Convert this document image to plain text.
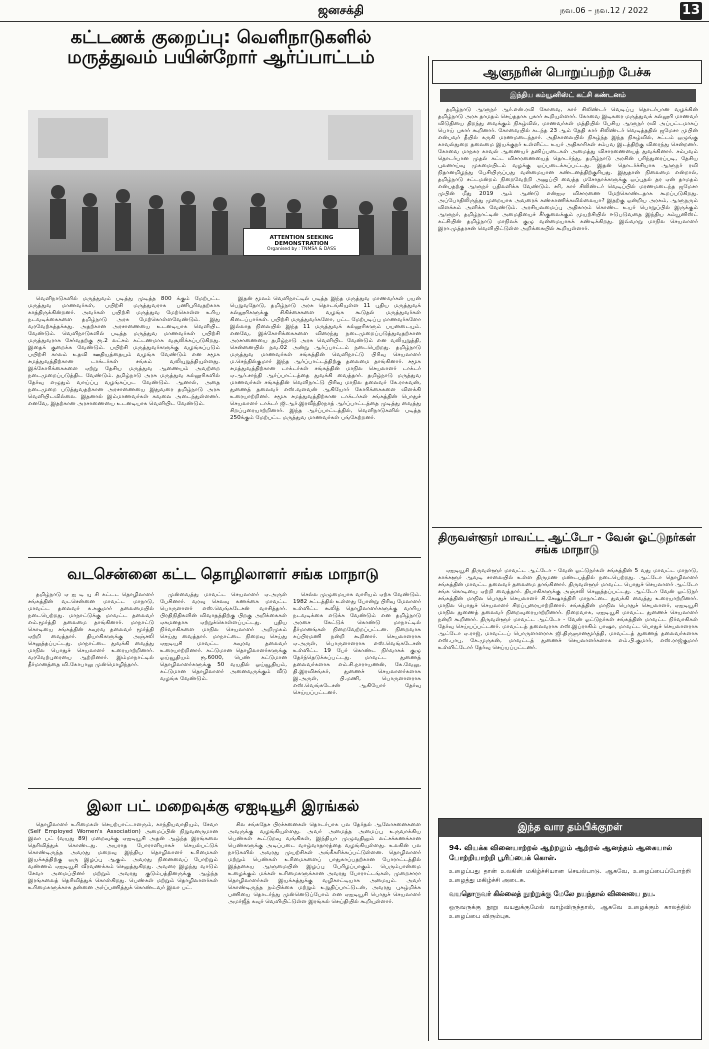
ஜனசக்தி	நவ.06 – நவ.12 / 2022	13
கட்டணக் குறைப்பு: வெளிநாடுகளில்
மருத்துவம் பயின்றோர் ஆர்ப்பாட்டம்
ATTENTION SEEKING DEMONSTRATION
Organised by : TNMSA & DASS

வெளிநாடுகளில் மருத்துவம் படித்து முடித்த 800 க்கும் மேற்பட்ட மருத்துவ மாணவர்கள், பயிற்சி மருத்துவராக பணிபுரிவதற்காக காத்திருக்கின்றனர். அவர்கள் பயிற்சி மருத்துவ மேற்கொள்ள உரிய நடவடிக்கைகளை தமிழ்நாடு அரசு மேற்கொள்ளவேண்டும். இது வரவேற்கத்தக்கது. அதற்கான அரசாணையை உடனடியாக வெளியிட வேண்டும். வெளிநாடுகளில் படித்த மருத்துவ மாணவர்கள் பயிற்சி மருத்துவராக சேர்வதற்கு ரூ.2 லட்சம் கட்டணமாக வசூலிக்கப்படுகிறது. இதைக் குறைக்க வேண்டும். பயிற்சி மருத்துவர்களுக்கு வழங்கப்படும் பயிற்சி காலம் உதவி ஊதியத்தையும் வழங்க வேண்டும் என சமூக சமத்துவத்திற்கான டாக்டர்கள் சங்கம் வலியுறுத்தியுள்ளது. இக்கோரிக்கைகளை ஏற்று தேசிய மருத்துவ ஆணையம் அவற்றை நடைமுறைப்படுத்திட வேண்டும். தமிழ்நாடு அரசு மருத்துவ கல்லூரிகளில் தேர்வு எழுதும் வாய்ப்பு வழங்கப்பட வேண்டும். ஆனால், அதை நடைமுறை படுத்துவதற்கான அரசாணையை இதுவரை தமிழ்நாடு அரசு வெளியிடவில்லை. இதனால் இம்மாணவர்கள் கவலை அடைந்துள்ளனர். எனவே, இதற்கான அரசாணையை உடனடியாக வெளியிட வேண்டும்.

இதன் மூலம் வெளிநாட்டில் படித்த இந்த மருத்துவ மாணவர்கள் பயன் பெறுவதோடு, தமிழ்நாடு அரசு தொடங்கியுள்ள 11 புதிய மருத்துவக் கல்லூரிகளுக்கு சிகிச்சைகளை வழங்க கூடுதல் மருத்துவர்கள் கிடைப்பார்கள். பயிற்சி மருத்துவர்களோ, பட்ட மேற்படிப்பு மாணவர்களோ இல்லாத நிலையில் இந்த 11 மருத்துவக் கல்லூரிகளும் பயனடையும். எனவே, இக்கோரிக்கைகளை விரைந்து நடைமுறைப்படுத்துவதற்கான அரசாணையை தமிழ்நாடு அரசு வெளியிட வேண்டும் என வலியுறுத்தி, சென்னையில் நவ.02 அன்று ஆர்ப்பாட்டம் நடைபெற்றது. தமிழ்நாடு மருத்துவ மாணவர்கள் சங்கத்தின் வெளிநாட்டு பிரிவு செயலாளர் ம.செந்தில்குமார் இந்த ஆர்ப்பாட்டத்திற்கு தலைமை தாங்கினார். சமூக சமத்துவத்திற்கான டாக்டர்கள் சங்கத்தின் மாநில செயலாளர் டாக்டர் ஏ.ஆர்.சாந்தி ஆர்ப்பாட்டத்தை துவக்கி வைத்தார். தமிழ்நாடு மருத்துவ மாணவர்கள் சங்கத்தின் வெளிநாட்டு பிரிவு மாநில தலைவர் கே.ராகவன், துணைத் தலைவர் எஸ்.வளவன் ஆகியோர் கோரிக்கைகளை விளக்கி உரையாற்றினர். சமூக சமத்துவத்திற்கான டாக்டர்கள் சங்கத்தின் பொதுச் செயலாளர் டாக்டர் ஜி.ஆர்.இரவீந்திரநாத் ஆர்ப்பாட்டத்தை முடித்து வைத்து சிறப்புரையாற்றினார். இந்த ஆர்ப்பாட்டத்தில், வெளிநாடுகளில் படித்த 250க்கும் மேற்பட்ட மருத்துவ மாணவர்கள் பங்கேற்றனர்.

வடசென்னை கட்ட தொழிலாளர் சங்க மாநாடு

தமிழ்நாடு ஏ ஐ டி யு சி கட்டட தொழிலாளர் சங்கத்தின் வடசென்னை மாவட்ட மாநாடு, மாவட்ட தலைவர் க.சுகுமார் தலைமையில் நடைபெற்றது. மாநாட்டுக்கு மாவட்ட தலைவர் எம்.மூர்த்தி தலைமை தாங்கினார். மாநாட்டு கொடியை சங்கத்தின் கவுரவ தலைவர் மூர்த்தி ஏற்றி வைத்தார். தியாகிகளுக்கு அஞ்சலி செலுத்தப்பட்டது. மாநாட்டை துவக்கி வைத்து மாநில பொதுச் செயலாளர் உரையாற்றினார். வரவேற்புரையை ஆற்றினார். இம்மாநாட்டில் தீர்மானத்தை வி.கோபாலு முன்மொழிந்தார்.

முன்வைத்து மாவட்ட செயலாளர் ஏ.அருள் பேசினார். வரவு செலவு கணக்கை மாவட்ட பொருளாளர் எஸ்.வெங்கடேசன் வாசித்தார். பிரதிநிதிகளின் விவாதத்திற்கு பிறகு அறிக்கைகள் ஏகமனதாக ஏற்றுக்கொள்ளப்பட்டது. புதிய நிர்வாகிகளை மாநில செயலாளர் அறிமுகம் செய்து வைத்தார். மாநாட்டை நிறைவு செய்து ஏஐடியுசி மாவட்ட கவுரவ தலைவர் உரையாற்றினார். கட்டுமான தொழிலாளர்களுக்கு ஓய்வூதியம் ரூ.6000, பெண் கட்டுமான தொழிலாளர்களுக்கு 50 வயதில் ஓய்வூதியம், கட்டுமான தொழிலாளர் அனைவருக்கும் வீடு வழங்க வேண்டும்.

செல்ல முழுமையாக வாரியம் ஏற்க வேண்டும். 1982 சட்டத்தில் உள்ளது போன்று பிரிவு மேலாளர் உள்ளிட்ட கூலித் தொழிலாளர்களுக்கு வாரிய நடவடிக்கை எடுக்க வேண்டும் என தமிழ்நாடு அரசை கேட்டுக் கொண்டு மாநாட்டில் தீர்மானங்கள் நிறைவேற்றப்பட்டன. நிறைவாக சுப்பிரமணி நன்றி கூறினார். செயலாளராக ஏ.அருள், பொருளாளராக எஸ்.வெங்கடேசன் உள்ளிட்ட 19 பேர் கொண்ட நிர்வாகக் குழு தேர்ந்தெடுக்கப்பட்டது. மாவட்ட துணைத் தலைவர்களாக எம்.சி.நாராயணன், கே.வேலு, தி.இரவிசங்கர், துணைச் செயலாளர்களாக இ.அருள், பி.மணி, பொருளாளராக எஸ்.வெங்கடேசன் ஆகியோர் தேர்வு செய்யப்பட்டனர்.

இலா பட் மறைவுக்கு ஏஐடியூசி இரங்கல்

தொழிலாளர் உரிமைகள் செயற்பாட்டாளரும், காந்தியவாதியும், சேவா (Self Employed Women's Association) அமைப்பின் நிறுவனருமான இலா பட் (வயது 89) மறைவுக்கு ஏஐடியூசி அதன் ஆழ்ந்த இரங்கலை தெரிவித்துக் கொண்டது. அயராத போராளியாகச் செயல்பட்டுக் கொண்டிருந்த அவரது மறைவு இந்திய தொழிலாளர் உரிமைகள் இயக்கத்திற்கு ஒரு இழப்பு ஆகும். அவரது நினைவைப் போற்றும் வண்ணம் ஏஐடியூசி வீரவணக்கம் செலுத்துகிறது. அவரை இழந்து வாடும் சேவா அமைப்பினர் மற்றும் அவரது குடும்பத்தினருக்கு ஆழ்ந்த இரங்கலைத் தெரிவித்துக் கொள்கிறது. பெண்கள் மற்றும் தொழிலாளர்கள் உரிமைகளுக்காக தன்னை அர்ப்பணித்துக் கொண்டவர் இலா பட்.

சில சங்கதேச பிரச்சனைகள் தொடர்பாக பல தேர்தல் ஆலோசனைகளை அவருக்கு வழங்கியுள்ளது. அவர் அமைத்த அமைப்பு உருவாக்கிய பெண்கள் கூட்டுறவு வங்கிகள், இந்தியா முழுவதிலும் லட்சக்கணக்கான பெண்களுக்கு அடிப்படை வாழ்வாதாரத்தை வழங்கியுள்ளது. உலகின் பல நாடுகளில் அவரது முயற்சிகள் அங்கீகரிக்கப்பட்டுள்ளன. தொழிலாளர் மற்றும் பெண்கள் உரிமைகளைப் பாதுகாப்பதற்கான போராட்டத்தில் இத்தகைய ஆளுமையின் இழப்பு பேரிழப்பாகும். பெரும்பான்மை உழைக்கும் மக்கள் உரிமைகளுக்கான அவரது போராட்டங்கள், முறைசாரா தொழிலாளர்கள் இயக்கத்துக்கு வழிகாட்டியாக அமையும். அவர் கொண்டிருந்த நம்பிக்கை மற்றும் உறுதிப்பாட்டுடன், அவரது புகழ்மிக்க பணியை தொடர்ந்து முன்னெடுப்போம் என ஏஐடியூசி பொதுச் செயலாளர் அமர்ஜீத் கவுர் வெளியிட்டுள்ள இரங்கல் செய்தியில் கூறியுள்ளார்.

ஆளுநரின் பொறுப்பற்ற பேச்சு
இந்திய கம்யூனிஸ்ட் கட்சி கண்டனம்

தமிழ்நாடு ஆளுநர் ஆர்.என்.ரவி கோவை, கார் சிலிண்டர் வெடிப்பு தொடர்பான வழக்கின் தமிழ்நாடு அரசு தாமதம் செய்ததாக புகார் கூறியுள்ளார். கோவை இடிகரை மருத்துவக் கல்லூரி மாணவர் விடுதியை திறந்து வைக்கும் நிகழ்வில், மாணவர்கள் மத்தியில் பேசிய ஆளுநர் ரவி அப்பட்டமாகப் பொய் புகார் கூறினார். கோவையில் கடந்த 23 ஆம் தேதி கார் சிலிண்டர் வெடித்ததில் ஜமேசா முபின் என்பவர் தீயில் கருகி மரணமடைந்தார். அதிகாலையில் நிகழ்ந்த இந்த நிகழ்வில், சட்டம் ஒழுங்கு காவல்துறை தலைமை இயக்குநர் உள்ளிட்ட உயர் அதிகாரிகள் சம்பவ இடத்திற்கு விரைந்து சென்றனர். கோவை மாநகர காவல் ஆணையர் தனிப்படைகள் அமைத்து விசாரணையைத் துவக்கினார். சம்பவம் தொடர்பான முதல் கட்ட விசாரணையைத் தொடர்ந்து, தமிழ்நாடு அரசின் பரிந்துரைப்படி, தேசிய புலனாய்வு முகமையிடம் வழக்கு ஒப்படைக்கப்பட்டது. இதன் தொடர்ச்சியாக ஆளுநர் ரவி நிதானமிழந்து பேசியிருப்பது வன்மையான கண்டனத்திற்குரியது. இதுதான் நிலைமை என்றால், தமிழ்நாடு சட்டமன்றம் நிறைவேற்றி அனுப்பி வைத்த மசோதாக்களுக்கு ஒப்புதல் தர ஏன் தாமதம் என்பதற்கு ஆளுநர் பதிலளிக்க வேண்டும். சரி, கார் சிலிண்டர் வெடிப்பில் மரணமடைந்த ஜமேசா முபின் மீது 2019 ஆம் ஆண்டு என்ஐஏ விசாரணை மேற்கொண்டதாக கூறப்படுகிறது. அப்போதிலிருந்து முறையாக அவரைக் கண்காணிக்கவில்லையா? இதற்கு ஒன்றிய அரசும், ஆளுநரும் விளக்கம் அளிக்க வேண்டும். அரசியலமைப்பு அதிகாரம் கொண்ட உயர் பொறுப்பில் இருக்கும் ஆளுநர், தமிழ்நாட்டின் அமைதியைச் சீர்குலைக்கும் முயற்சியில் ஈடுபடுவதை இந்திய கம்யூனிஸ்ட் கட்சியின் தமிழ்நாடு மாநிலக் குழு வன்மையாகக் கண்டிக்கிறது. இவ்வாறு மாநில செயலாளர் இரா.முத்தரசன் வெளியிட்டுள்ள அறிக்கையில் கூறியுள்ளார்.

திருவள்ளூர் மாவட்ட ஆட்டோ - வேன் ஓட்டுநர்கள் சங்க மாநாடு

ஏஐடியூசி திருவள்ளூர் மாவட்ட ஆட்டோ - வேன் ஓட்டுநர்கள் சங்கத்தின் 5 வது மாவட்ட மாநாடு, காக்களூர் ஆவடி சாலையில் உள்ள திருமண மண்டபத்தில் நடைபெற்றது. ஆட்டோ தொழிலாளர் சங்கத்தின் மாவட்ட தலைவர் தலைமை தாங்கினார். திருவள்ளூர் மாவட்ட பொதுச் செயலாளர் ஆட்டோ சங்க கொடியை ஏற்றி வைத்தார். தியாகிகளுக்கு அஞ்சலி செலுத்தப்பட்டது. ஆட்டோ வேன் ஓட்டுநர் சங்கத்தின் மாநில பொதுச் செயலாளர் சி.சேஷாத்திரி மாநாட்டை துவக்கி வைத்து உரையாற்றினார். மாநில பொதுச் செயலாளர் சிறப்புரையாற்றினார். சங்கத்தின் மாநில பொதுச் செயலாளர், ஏஐடியூசி மாநில துணைத் தலைவர் நிறைவுரையாற்றினார். நிறைவாக, ஏஐடியூசி மாவட்ட துணைச் செயலாளர் நன்றி கூறினார். திருவள்ளூர் மாவட்ட ஆட்டோ - வேன் ஓட்டுநர்கள் சங்கத்தின் மாவட்ட நிர்வாகிகள் தேர்வு செய்யப்பட்டனர். மாவட்டத் தலைவராக எஸ்.இப்ராகிம் பாஷா, மாவட்ட பொதுச் செயலாளராக ஆட்டோ ஏ.ராஜ், மாவட்டப் பொருளாளராக ஜி.திருஞானமூர்த்தி, மாவட்டத் துணைத் தலைவர்களாக எஸ்.பாபு, கே.முருகன், மாவட்டத் துணைச் செயலாளர்களாக எம்.பி.குமார், எஸ்.ராஜ்குமார் உள்ளிட்டோர் தேர்வு செய்யப்பட்டனர்.

இந்த வார தம்பிக்குறள்
94. வியக்க வினையாற்றல் ஆற்றலும் ஆற்றல் ஆனந்தம் ஆகையால் போற்றியாற்றி பூரிப்பைக் கொள்.
உழைப்பது தான் உலகின் மகிழ்ச்சியான செயல்பாடு. ஆகவே, உழைப்பைப்போற்றி உழைத்து மகிழ்ச்சி அடைக.
வயதொருவர் கில்லைத் நூற்றுக்கு மேலே நயந்தால் வினையை நய.
ஒருவருக்கு நூறு வயதுக்குமேல் வாழ்விருந்தால், ஆகவே உழைக்கும் காலத்தில் உழைப்பை விரும்புக.
